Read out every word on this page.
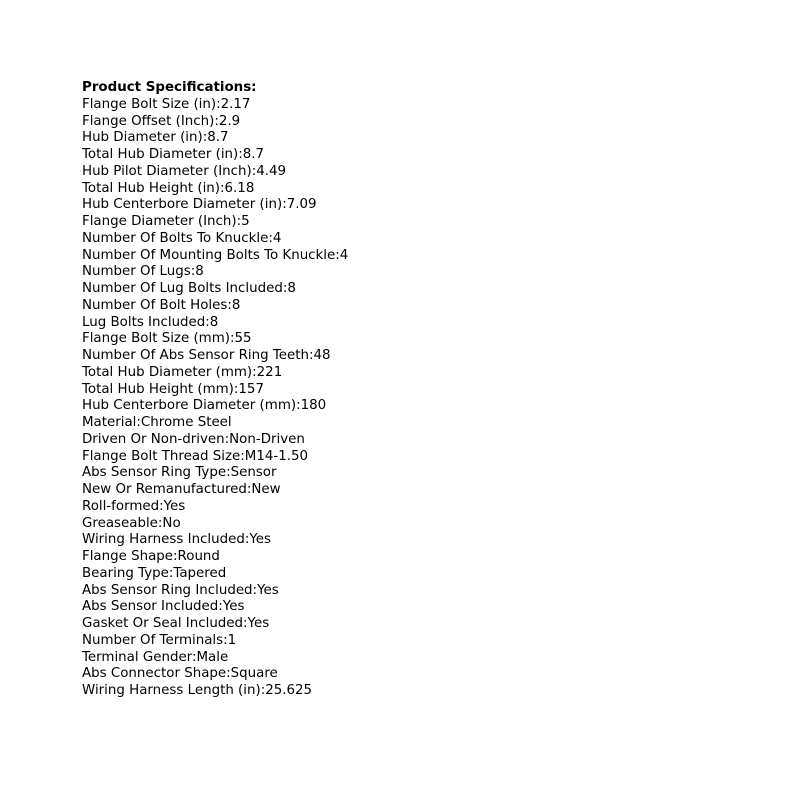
Product Specifications:
Flange Bolt Size (in):2.17
Flange Offset (Inch):2.9
Hub Diameter (in):8.7
Total Hub Diameter (in):8.7
Hub Pilot Diameter (Inch):4.49
Total Hub Height (in):6.18
Hub Centerbore Diameter (in):7.09
Flange Diameter (Inch):5
Number Of Bolts To Knuckle:4
Number Of Mounting Bolts To Knuckle:4
Number Of Lugs:8
Number Of Lug Bolts Included:8
Number Of Bolt Holes:8
Lug Bolts Included:8
Flange Bolt Size (mm):55
Number Of Abs Sensor Ring Teeth:48
Total Hub Diameter (mm):221
Total Hub Height (mm):157
Hub Centerbore Diameter (mm):180
Material:Chrome Steel
Driven Or Non-driven:Non-Driven
Flange Bolt Thread Size:M14-1.50
Abs Sensor Ring Type:Sensor
New Or Remanufactured:New
Roll-formed:Yes
Greaseable:No
Wiring Harness Included:Yes
Flange Shape:Round
Bearing Type:Tapered
Abs Sensor Ring Included:Yes
Abs Sensor Included:Yes
Gasket Or Seal Included:Yes
Number Of Terminals:1
Terminal Gender:Male
Abs Connector Shape:Square
Wiring Harness Length (in):25.625
